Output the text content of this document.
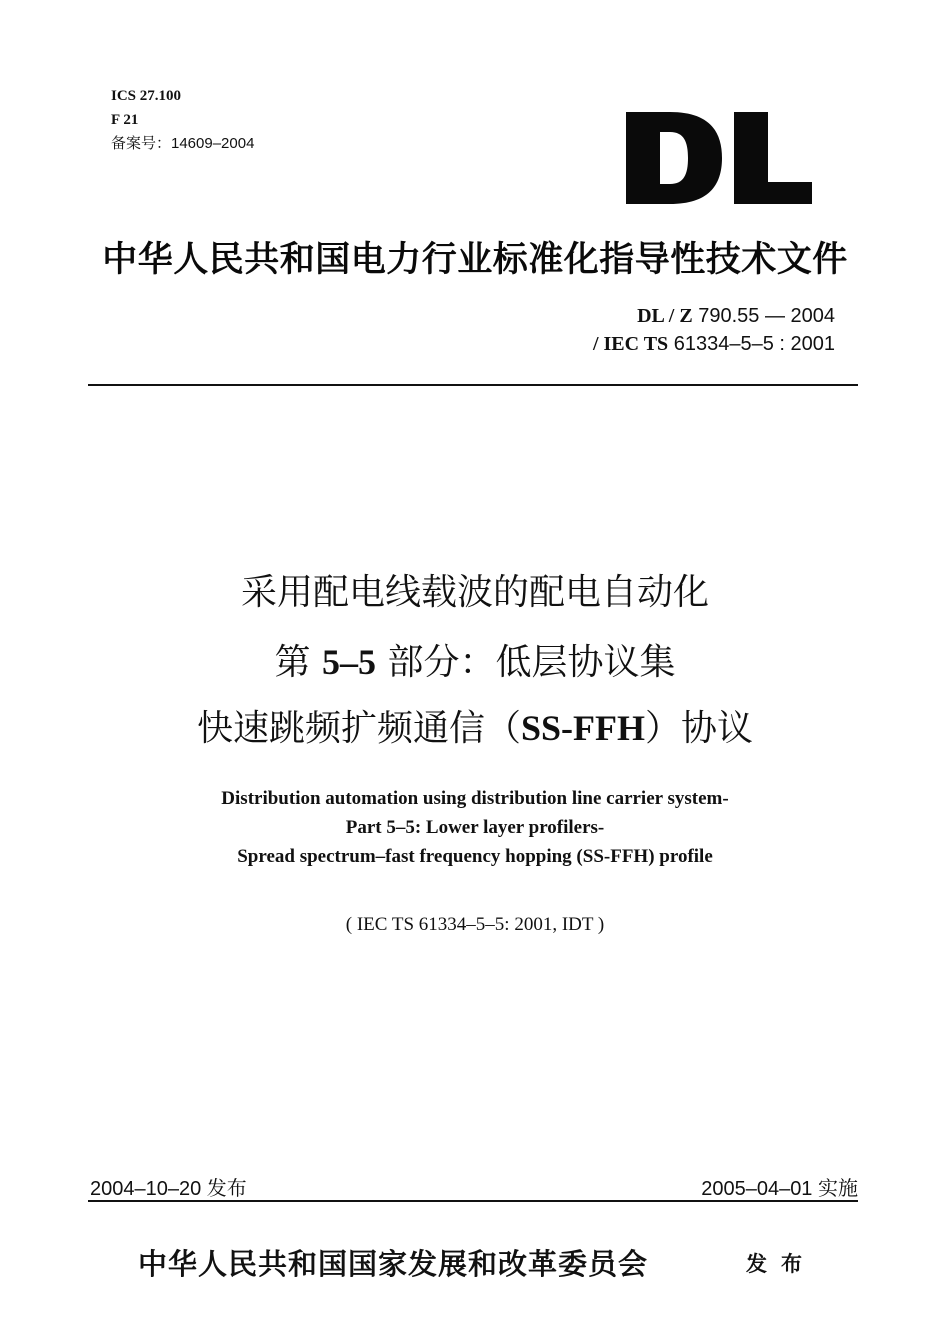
ICS 27.100
F 21
备案号：14609–2004
中华人民共和国电力行业标准化指导性技术文件
DL / Z 790.55 — 2004
/ IEC TS 61334–5–5 : 2001
采用配电线载波的配电自动化
第 5–5 部分：低层协议集
快速跳频扩频通信（SS-FFH）协议
Distribution automation using distribution line carrier system-
Part 5–5: Lower layer profilers-
Spread spectrum–fast frequency hopping (SS-FFH) profile
( IEC TS 61334–5–5: 2001, IDT )
2004–10–20 发布	2005–04–01 实施
中华人民共和国国家发展和改革委员会	发布
